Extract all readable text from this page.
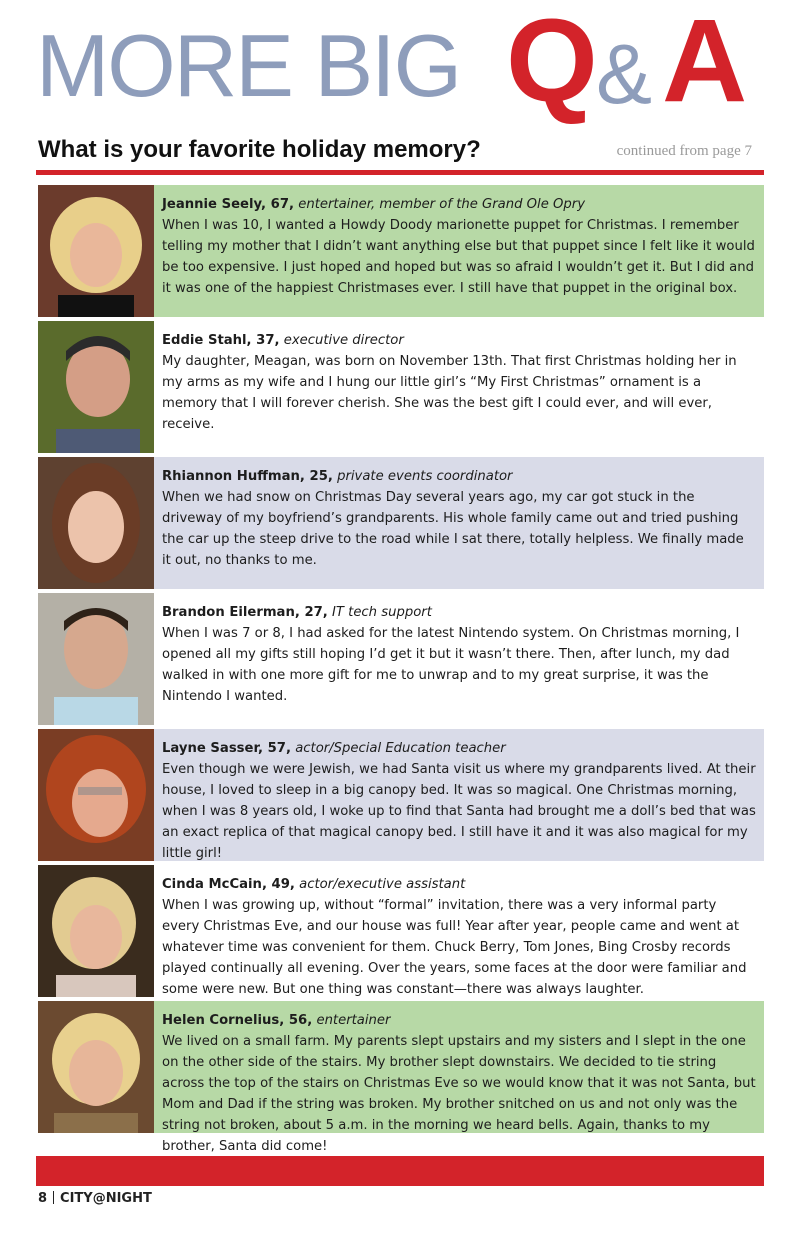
MORE BIG Q
& A
What is your favorite holiday memory?	continued from page 7

Jeannie Seely, 67, entertainer, member of the Grand Ole Opry

When I was 10, I wanted a Howdy Doody marionette puppet for Christmas. I remember telling my mother that I didn’t want anything else but that puppet since I felt like it would be too expensive. I just hoped and hoped but was so afraid I wouldn’t get it. But I did and it was one of the happiest Christmases ever. I still have that puppet in the original box.

Eddie Stahl, 37, executive director

My daughter, Meagan, was born on November 13th. That first Christmas holding her in my arms as my wife and I hung our little girl’s “My First Christmas” ornament is a memory that I will forever cherish. She was the best gift I could ever, and will ever, receive.

Rhiannon Huffman, 25, private events coordinator

When we had snow on Christmas Day several years ago, my car got stuck in the driveway of my boyfriend’s grandparents. His whole family came out and tried pushing the car up the steep drive to the road while I sat there, totally helpless. We finally made it out, no thanks to me.

Brandon Eilerman, 27, IT tech support

When I was 7 or 8, I had asked for the latest Nintendo system. On Christmas morning, I opened all my gifts still hoping I’d get it but it wasn’t there. Then, after lunch, my dad walked in with one more gift for me to unwrap and to my great surprise, it was the Nintendo I wanted.

Layne Sasser, 57, actor/Special Education teacher

Even though we were Jewish, we had Santa visit us where my grandparents lived. At their house, I loved to sleep in a big canopy bed. It was so magical. One Christmas morning, when I was 8 years old, I woke up to find that Santa had brought me a doll’s bed that was an exact replica of that magical canopy bed. I still have it and it was also magical for my little girl!

Cinda McCain, 49, actor/executive assistant

When I was growing up, without “formal” invitation, there was a very informal party every Christmas Eve, and our house was full! Year after year, people came and went at whatever time was convenient for them. Chuck Berry, Tom Jones, Bing Crosby records played continually all evening. Over the years, some faces at the door were familiar and some were new. But one thing was constant—there was always laughter.

Helen Cornelius, 56, entertainer

We lived on a small farm. My parents slept upstairs and my sisters and I slept in the one on the other side of the stairs. My brother slept downstairs. We decided to tie string across the top of the stairs on Christmas Eve so we would know that it was not Santa, but Mom and Dad if the string was broken. My brother snitched on us and not only was the string not broken, about 5 a.m. in the morning we heard bells. Again, thanks to my brother, Santa did come!

8 CITY@NIGHT
